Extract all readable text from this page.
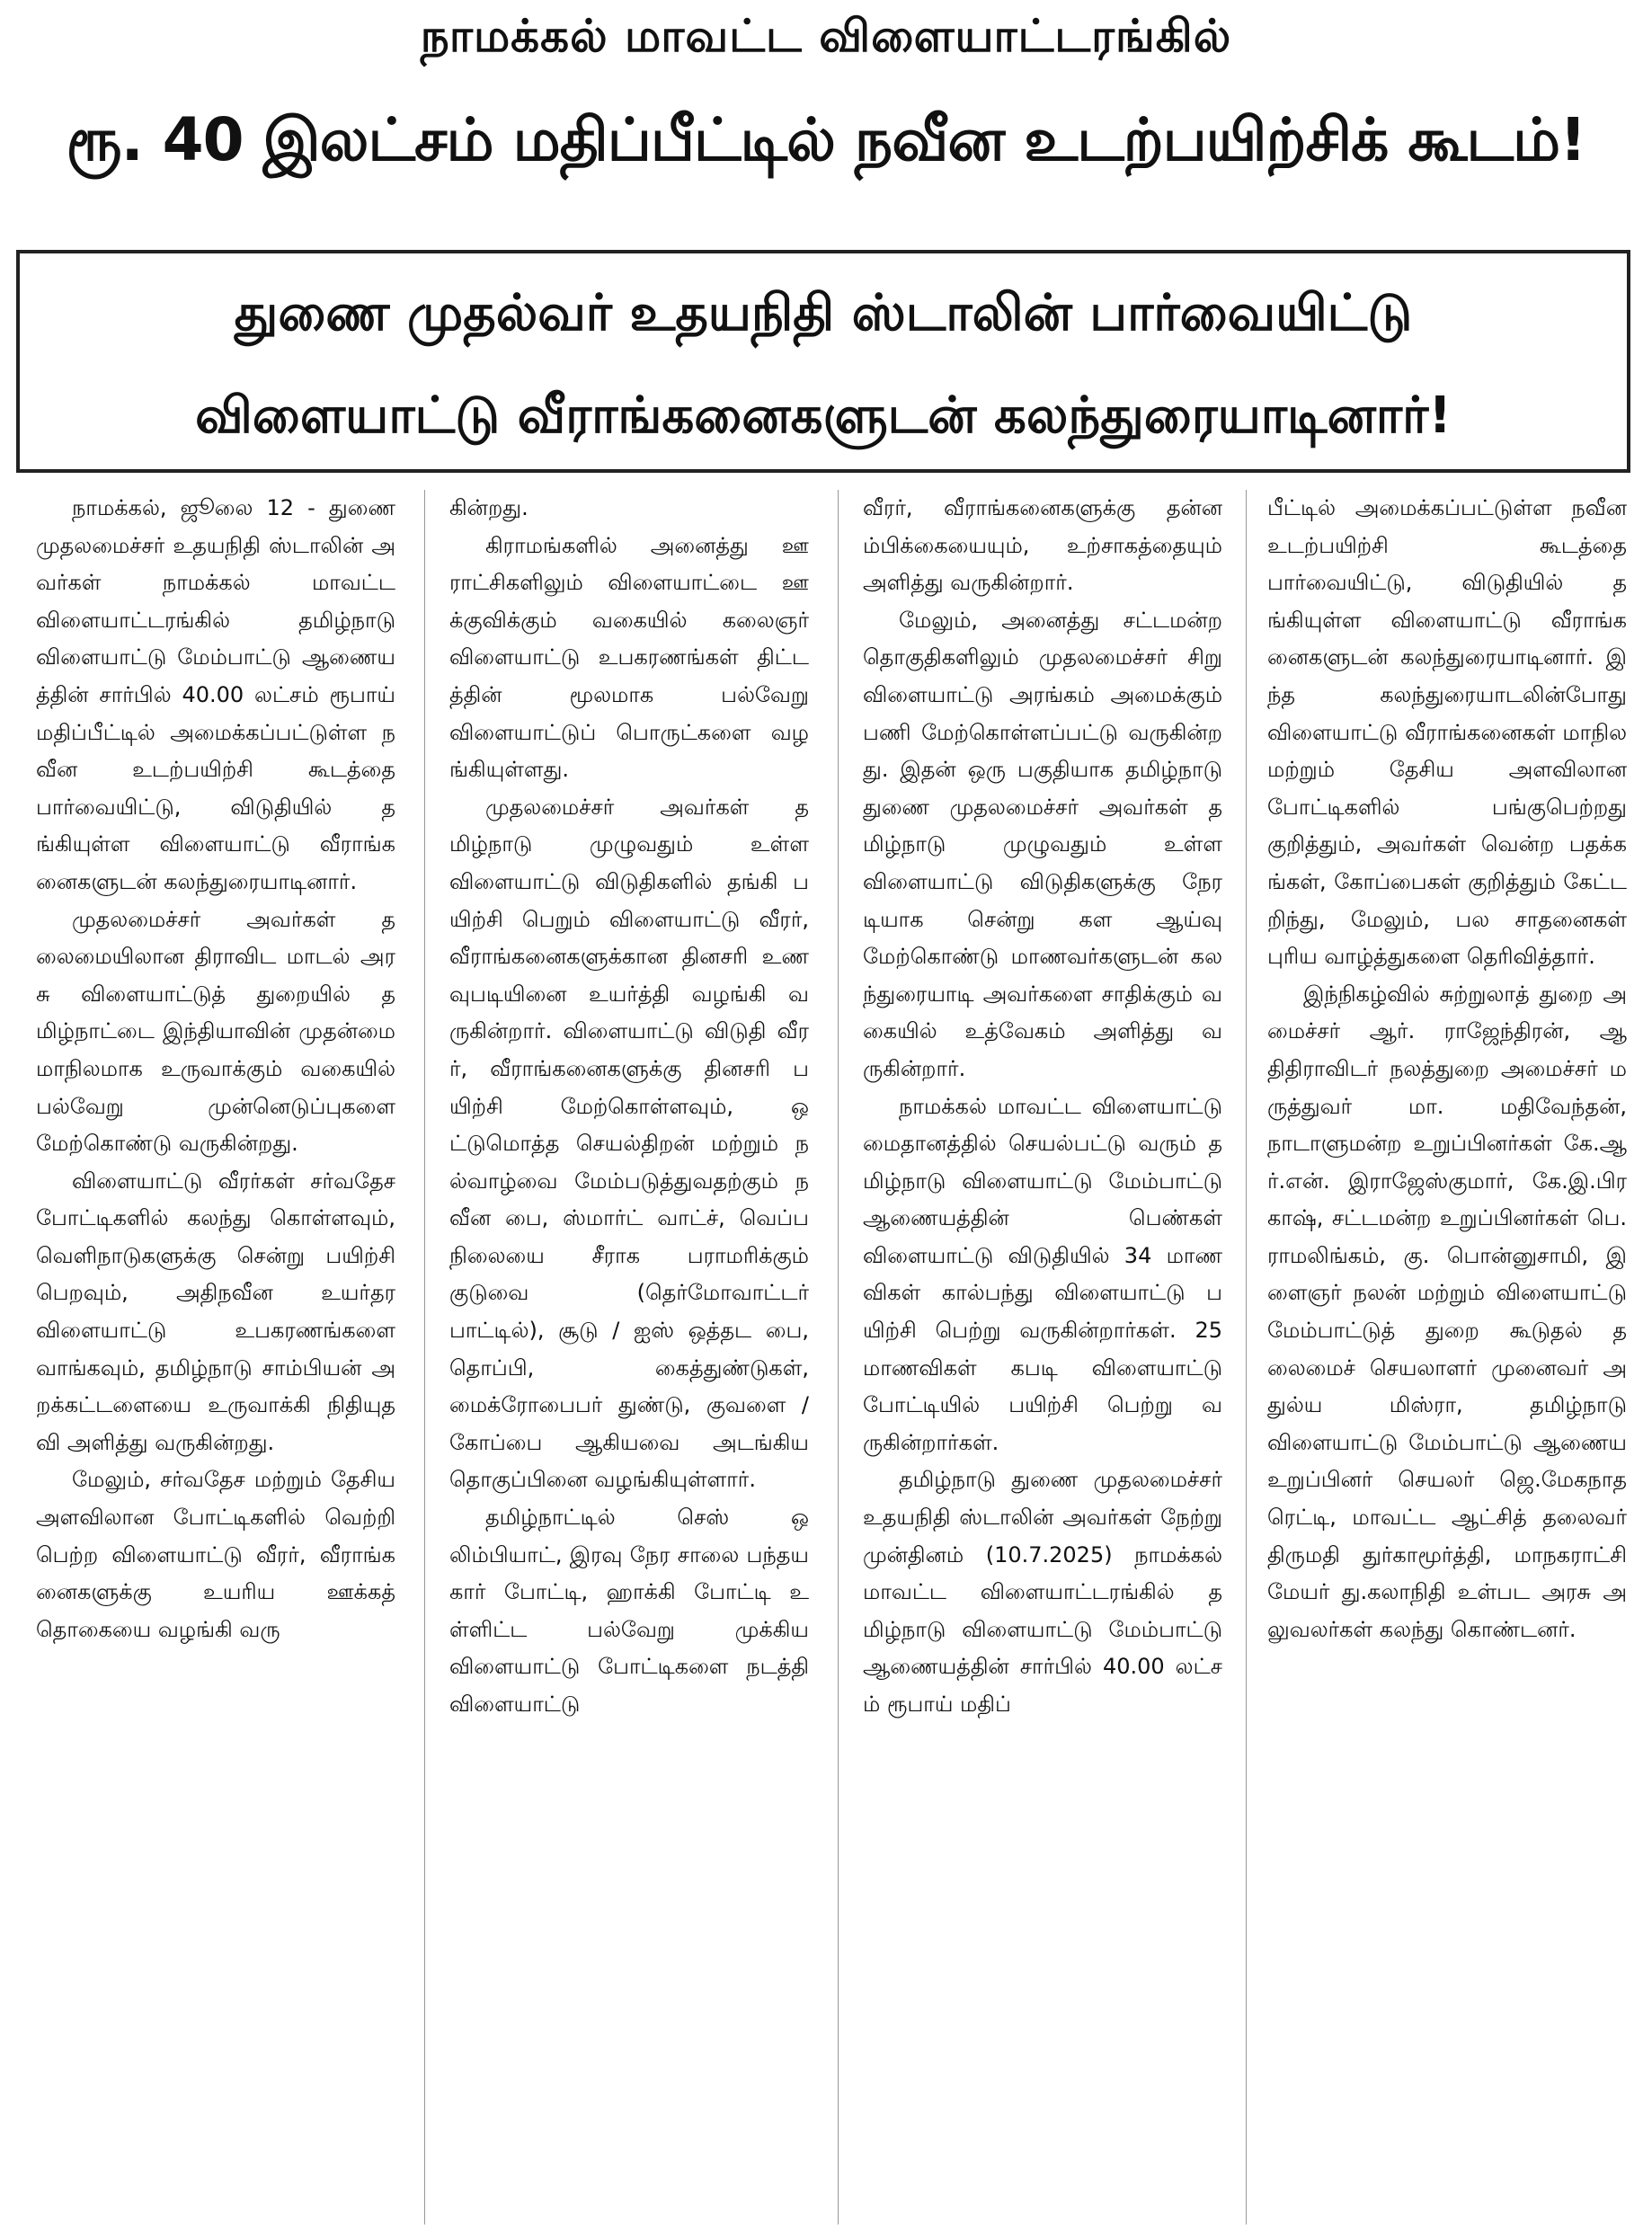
நாமக்கல் மாவட்ட விளையாட்டரங்கில்
ரூ. 40 இலட்சம் மதிப்பீட்டில் நவீன உடற்பயிற்சிக் கூடம்!
துணை முதல்வர் உதயநிதி ஸ்டாலின் பார்வையிட்டு
விளையாட்டு வீராங்கனைகளுடன் கலந்துரையாடினார்!

நாமக்கல், ஜூலை 12 - துணை முதலமைச்சர் உதயநிதி ஸ்டாலின் அவர்கள் நாமக்கல் மாவட்ட விளையாட்டரங்கில் தமிழ்நாடு விளையாட்டு மேம்பாட்டு ஆணையத்தின் சார்பில் 40.00 லட்சம் ரூபாய் மதிப்பீட்டில் அமைக்கப்பட்டுள்ள நவீன உடற்பயிற்சி கூடத்தை பார்வையிட்டு, விடுதியில் தங்கியுள்ள விளையாட்டு வீராங்கனைகளுடன் கலந்துரையாடினார்.

முதலமைச்சர் அவர்கள் தலைமையிலான திராவிட மாடல் அரசு விளையாட்டுத் துறையில் தமிழ்நாட்டை இந்தியாவின் முதன்மை மாநிலமாக உருவாக்கும் வகையில் பல்வேறு முன்னெடுப்புகளை மேற்கொண்டு வருகின்றது.

விளையாட்டு வீரர்கள் சர்வதேச போட்டிகளில் கலந்து கொள்ளவும், வெளிநாடுகளுக்கு சென்று பயிற்சி பெறவும், அதிநவீன உயர்தர விளையாட்டு உபகரணங்களை வாங்கவும், தமிழ்நாடு சாம்பியன் அறக்கட்டளையை உருவாக்கி நிதியுதவி அளித்து வருகின்றது.

மேலும், சர்வதேச மற்றும் தேசிய அளவிலான போட்டிகளில் வெற்றி பெற்ற விளையாட்டு வீரர், வீராங்கனைகளுக்கு உயரிய ஊக்கத் தொகையை வழங்கி வரு

கின்றது.

கிராமங்களில் அனைத்து ஊராட்சிகளிலும் விளையாட்டை ஊக்குவிக்கும் வகையில் கலைஞர் விளையாட்டு உபகரணங்கள் திட்டத்தின் மூலமாக பல்வேறு விளையாட்டுப் பொருட்களை வழங்கியுள்ளது.

முதலமைச்சர் அவர்கள் தமிழ்நாடு முழுவதும் உள்ள விளையாட்டு விடுதிகளில் தங்கி பயிற்சி பெறும் விளையாட்டு வீரர், வீராங்கனைகளுக்கான தினசரி உணவுபடியினை உயர்த்தி வழங்கி வருகின்றார். விளையாட்டு விடுதி வீரர், வீராங்கனைகளுக்கு தினசரி பயிற்சி மேற்கொள்ளவும், ஒட்டுமொத்த செயல்திறன் மற்றும் நல்வாழ்வை மேம்படுத்துவதற்கும் நவீன பை, ஸ்மார்ட் வாட்ச், வெப்பநிலையை சீராக பராமரிக்கும் குடுவை (தெர்மோவாட்டர் பாட்டில்), சூடு / ஐஸ் ஒத்தட பை, தொப்பி, கைத்துண்டுகள், மைக்ரோபைபர் துண்டு, குவளை / கோப்பை ஆகியவை அடங்கிய தொகுப்பினை வழங்கியுள்ளார்.

தமிழ்நாட்டில் செஸ் ஒலிம்பியாட், இரவு நேர சாலை பந்தய கார் போட்டி, ஹாக்கி போட்டி உள்ளிட்ட பல்வேறு முக்கிய விளையாட்டு போட்டிகளை நடத்தி விளையாட்டு

வீரர், வீராங்கனைகளுக்கு தன்னம்பிக்கையையும், உற்சாகத்தையும் அளித்து வருகின்றார்.

மேலும், அனைத்து சட்டமன்ற தொகுதிகளிலும் முதலமைச்சர் சிறு விளையாட்டு அரங்கம் அமைக்கும் பணி மேற்கொள்ளப்பட்டு வருகின்றது. இதன் ஒரு பகுதியாக தமிழ்நாடு துணை முதலமைச்சர் அவர்கள் தமிழ்நாடு முழுவதும் உள்ள விளையாட்டு விடுதிகளுக்கு நேரடியாக சென்று கள ஆய்வு மேற்கொண்டு மாணவர்களுடன் கலந்துரையாடி அவர்களை சாதிக்கும் வகையில் உத்வேகம் அளித்து வருகின்றார்.

நாமக்கல் மாவட்ட விளையாட்டு மைதானத்தில் செயல்பட்டு வரும் தமிழ்நாடு விளையாட்டு மேம்பாட்டு ஆணையத்தின் பெண்கள் விளையாட்டு விடுதியில் 34 மாணவிகள் கால்பந்து விளையாட்டு பயிற்சி பெற்று வருகின்றார்கள். 25 மாணவிகள் கபடி விளையாட்டு போட்டியில் பயிற்சி பெற்று வருகின்றார்கள்.

தமிழ்நாடு துணை முதலமைச்சர் உதயநிதி ஸ்டாலின் அவர்கள் நேற்று முன்தினம் (10.7.2025) நாமக்கல் மாவட்ட விளையாட்டரங்கில் தமிழ்நாடு விளையாட்டு மேம்பாட்டு ஆணையத்தின் சார்பில் 40.00 லட்சம் ரூபாய் மதிப்

பீட்டில் அமைக்கப்பட்டுள்ள நவீன உடற்பயிற்சி கூடத்தை பார்வையிட்டு, விடுதியில் தங்கியுள்ள விளையாட்டு வீராங்கனைகளுடன் கலந்துரையாடினார். இந்த கலந்துரையாடலின்போது விளையாட்டு வீராங்கனைகள் மாநில மற்றும் தேசிய அளவிலான போட்டிகளில் பங்குபெற்றது குறித்தும், அவர்கள் வென்ற பதக்கங்கள், கோப்பைகள் குறித்தும் கேட்டறிந்து, மேலும், பல சாதனைகள் புரிய வாழ்த்துகளை தெரிவித்தார்.

இந்நிகழ்வில் சுற்றுலாத் துறை அமைச்சர் ஆர். ராஜேந்திரன், ஆதிதிராவிடர் நலத்துறை அமைச்சர் மருத்துவர் மா. மதிவேந்தன், நாடாளுமன்ற உறுப்பினர்கள் கே.ஆர்.என். இராஜேஸ்குமார், கே.இ.பிரகாஷ், சட்டமன்ற உறுப்பினர்கள் பெ. ராமலிங்கம், கு. பொன்னுசாமி, இளைஞர் நலன் மற்றும் விளையாட்டு மேம்பாட்டுத் துறை கூடுதல் தலைமைச் செயலாளர் முனைவர் அதுல்ய மிஸ்ரா, தமிழ்நாடு விளையாட்டு மேம்பாட்டு ஆணைய உறுப்பினர் செயலர் ஜெ.மேகநாத ரெட்டி, மாவட்ட ஆட்சித் தலைவர் திருமதி துர்காமூர்த்தி, மாநகராட்சி மேயர் து.கலாநிதி உள்பட அரசு அலுவலர்கள் கலந்து கொண்டனர்.
